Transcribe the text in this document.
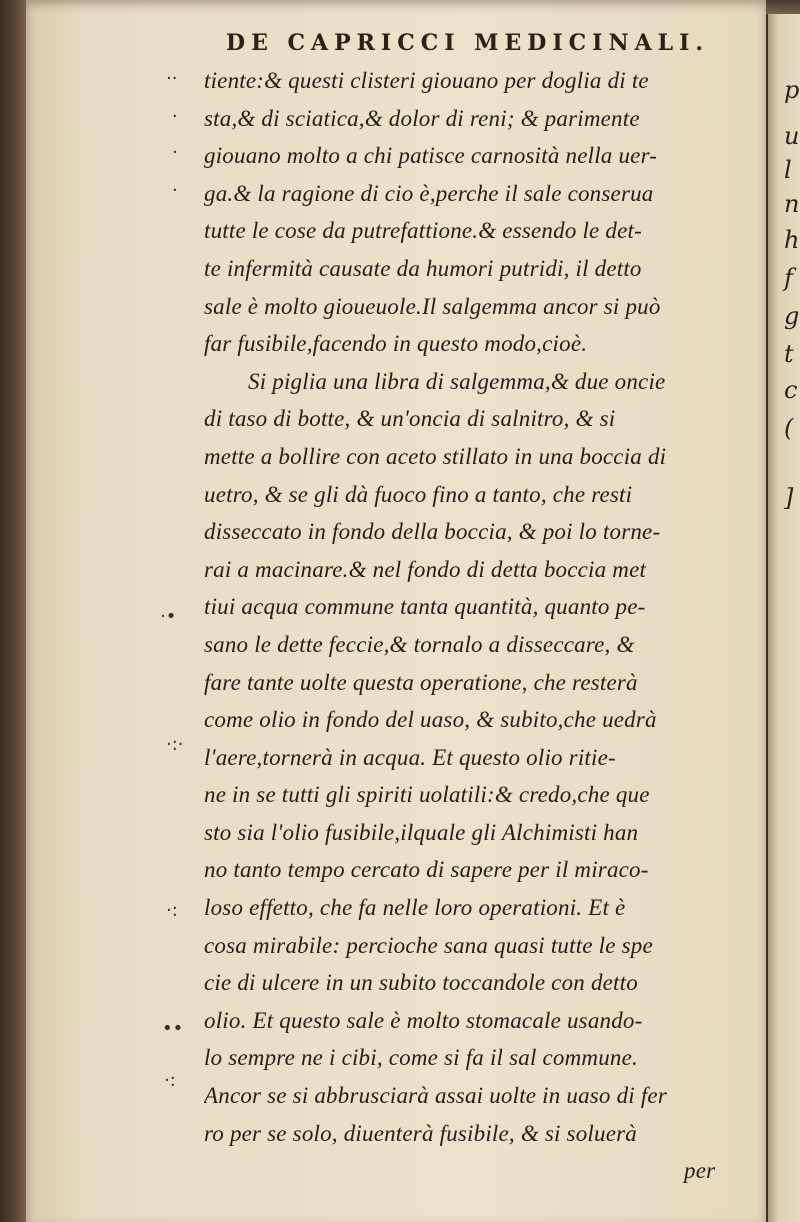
p
u
l
n
h
f
g
t
c
(
]
DE CAPRICCI MEDICINALI.
··
·
·
·
·•
·:·
·:
••
·:
tiente:& questi clisteri giouano per doglia di te
sta,& di sciatica,& dolor di reni; & parimente
giouano molto a chi patisce carnosità nella uer-
ga.& la ragione di cio è,perche il sale conserua
tutte le cose da putrefattione.& essendo le det-
te infermità causate da humori putridi, il detto
sale è molto gioueuole.Il salgemma ancor si può
far fusibile,facendo in questo modo,cioè.
Si piglia una libra di salgemma,& due oncie
di taso di botte, & un'oncia di salnitro, & si
mette a bollire con aceto stillato in una boccia di
uetro, & se gli dà fuoco fino a tanto, che resti
disseccato in fondo della boccia, & poi lo torne-
rai a macinare.& nel fondo di detta boccia met
tiui acqua commune tanta quantità, quanto pe-
sano le dette feccie,& tornalo a disseccare, &
fare tante uolte questa operatione, che resterà
come olio in fondo del uaso, & subito,che uedrà
l'aere,tornerà in acqua. Et questo olio ritie-
ne in se tutti gli spiriti uolatili:& credo,che que
sto sia l'olio fusibile,ilquale gli Alchimisti han
no tanto tempo cercato di sapere per il miraco-
loso effetto, che fa nelle loro operationi. Et è
cosa mirabile: percioche sana quasi tutte le spe
cie di ulcere in un subito toccandole con detto
olio. Et questo sale è molto stomacale usando-
lo sempre ne i cibi, come si fa il sal commune.
Ancor se si abbrusciarà assai uolte in uaso di fer
ro per se solo, diuenterà fusibile, & si soluerà
per
